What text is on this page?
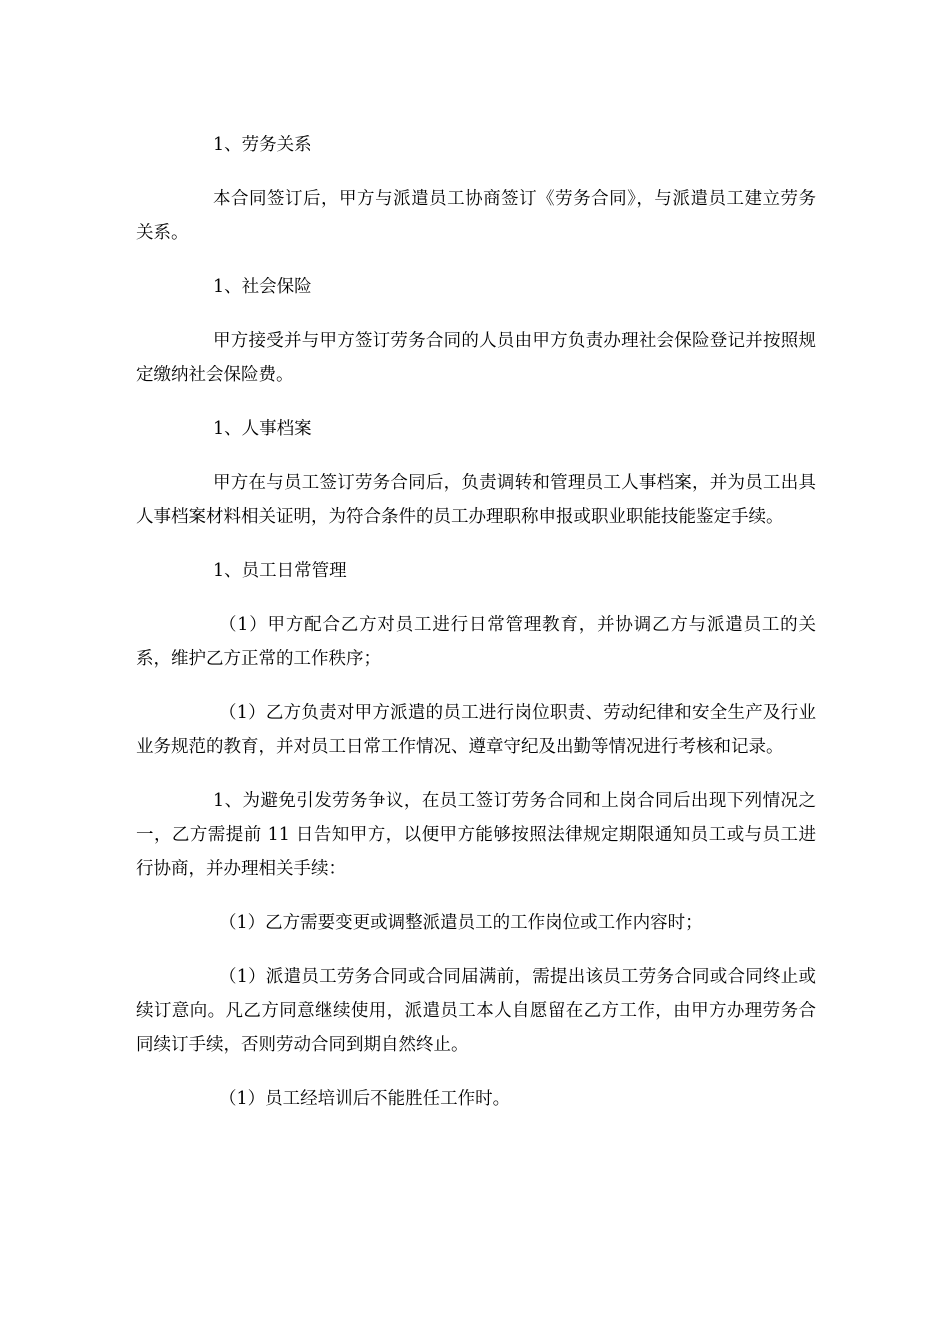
1、劳务关系

本合同签订后，甲方与派遣员工协商签订《劳务合同》，与派遣员工建立劳务关系。

1、社会保险

甲方接受并与甲方签订劳务合同的人员由甲方负责办理社会保险登记并按照规定缴纳社会保险费。

1、人事档案

甲方在与员工签订劳务合同后，负责调转和管理员工人事档案，并为员工出具人事档案材料相关证明，为符合条件的员工办理职称申报或职业职能技能鉴定手续。

1、员工日常管理

（1）甲方配合乙方对员工进行日常管理教育，并协调乙方与派遣员工的关系，维护乙方正常的工作秩序；

（1）乙方负责对甲方派遣的员工进行岗位职责、劳动纪律和安全生产及行业业务规范的教育，并对员工日常工作情况、遵章守纪及出勤等情况进行考核和记录。

1、为避免引发劳务争议，在员工签订劳务合同和上岗合同后出现下列情况之一，乙方需提前 11 日告知甲方，以便甲方能够按照法律规定期限通知员工或与员工进行协商，并办理相关手续：

（1）乙方需要变更或调整派遣员工的工作岗位或工作内容时；

（1）派遣员工劳务合同或合同届满前，需提出该员工劳务合同或合同终止或续订意向。凡乙方同意继续使用，派遣员工本人自愿留在乙方工作，由甲方办理劳务合同续订手续，否则劳动合同到期自然终止。

（1）员工经培训后不能胜任工作时。
